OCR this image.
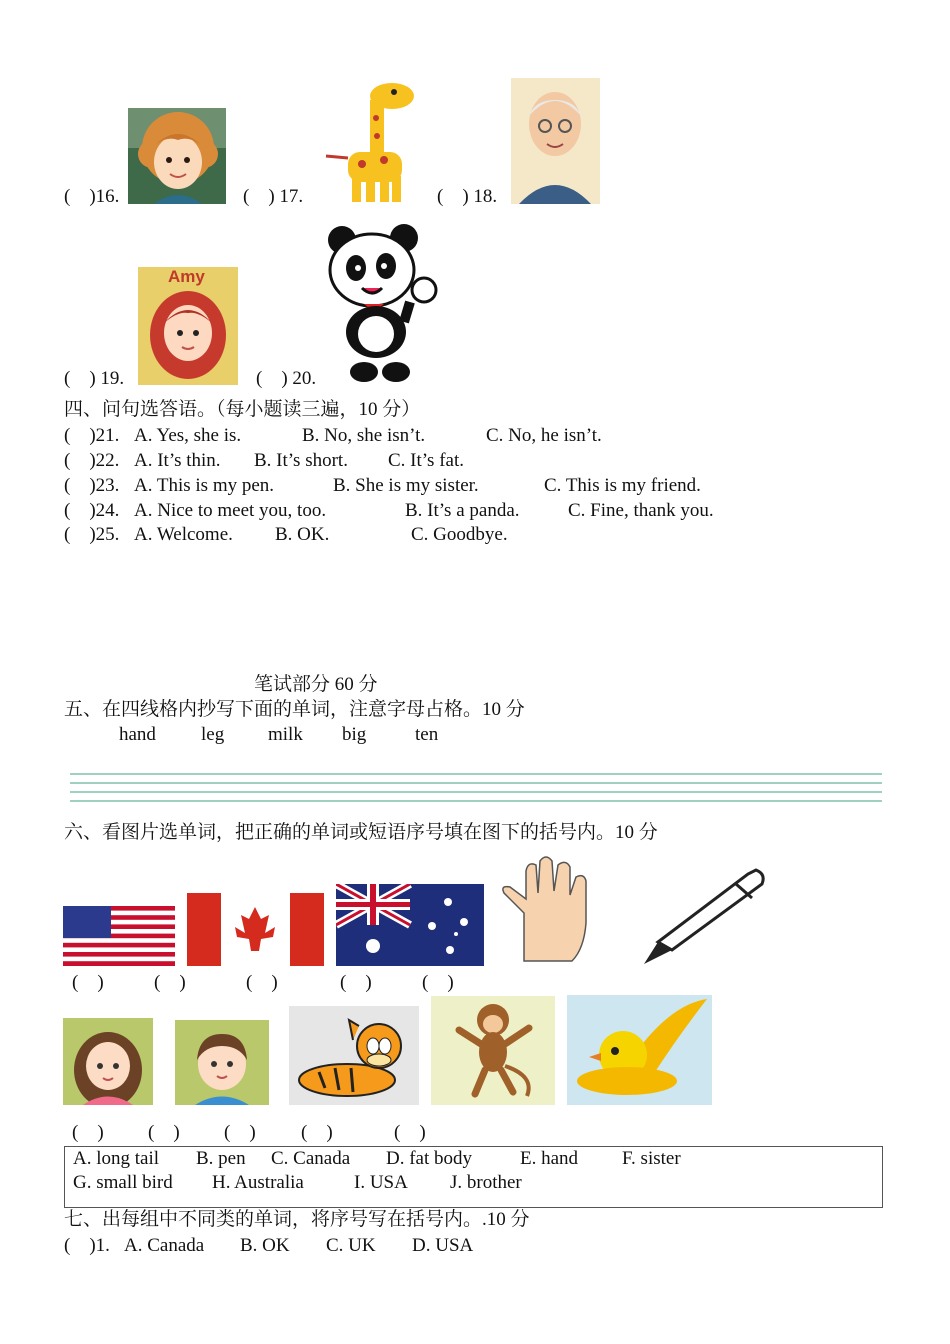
(    )16.	(    ) 17.	(    ) 18.
(    ) 19.
Amy
(    ) 20.
四、问句选答语。（每小题读三遍，10 分）
(    )21. A. Yes, she is.	B. No, she isn’t.	C. No, he isn’t.
(    )22. A. It’s thin. B. It’s short. C. It’s fat.
(    )23. A. This is my pen.	B. She is my sister.	C. This is my friend.
(    )24. A. Nice to meet you, too.	B. It’s a panda.	C. Fine, thank you.
(    )25. A. Welcome. B. OK.	C. Goodbye.
笔试部分 60 分
五、在四线格内抄写下面的单词，注意字母占格。10 分
hand leg milk big	ten
六、看图片选单词，把正确的单词或短语序号填在图下的括号内。10 分
(    )	(    )	(    )	(    )	(    )
(    ) (    ) (    ) (    )	(    )
A. long tail B. pen C. Canada D. fat body	E. hand F. sister
G. small bird H. Australia	I. USA J. brother
七、出每组中不同类的单词，将序号写在括号内。.10 分
(    )1. A. Canada B. OK C. UK D. USA
